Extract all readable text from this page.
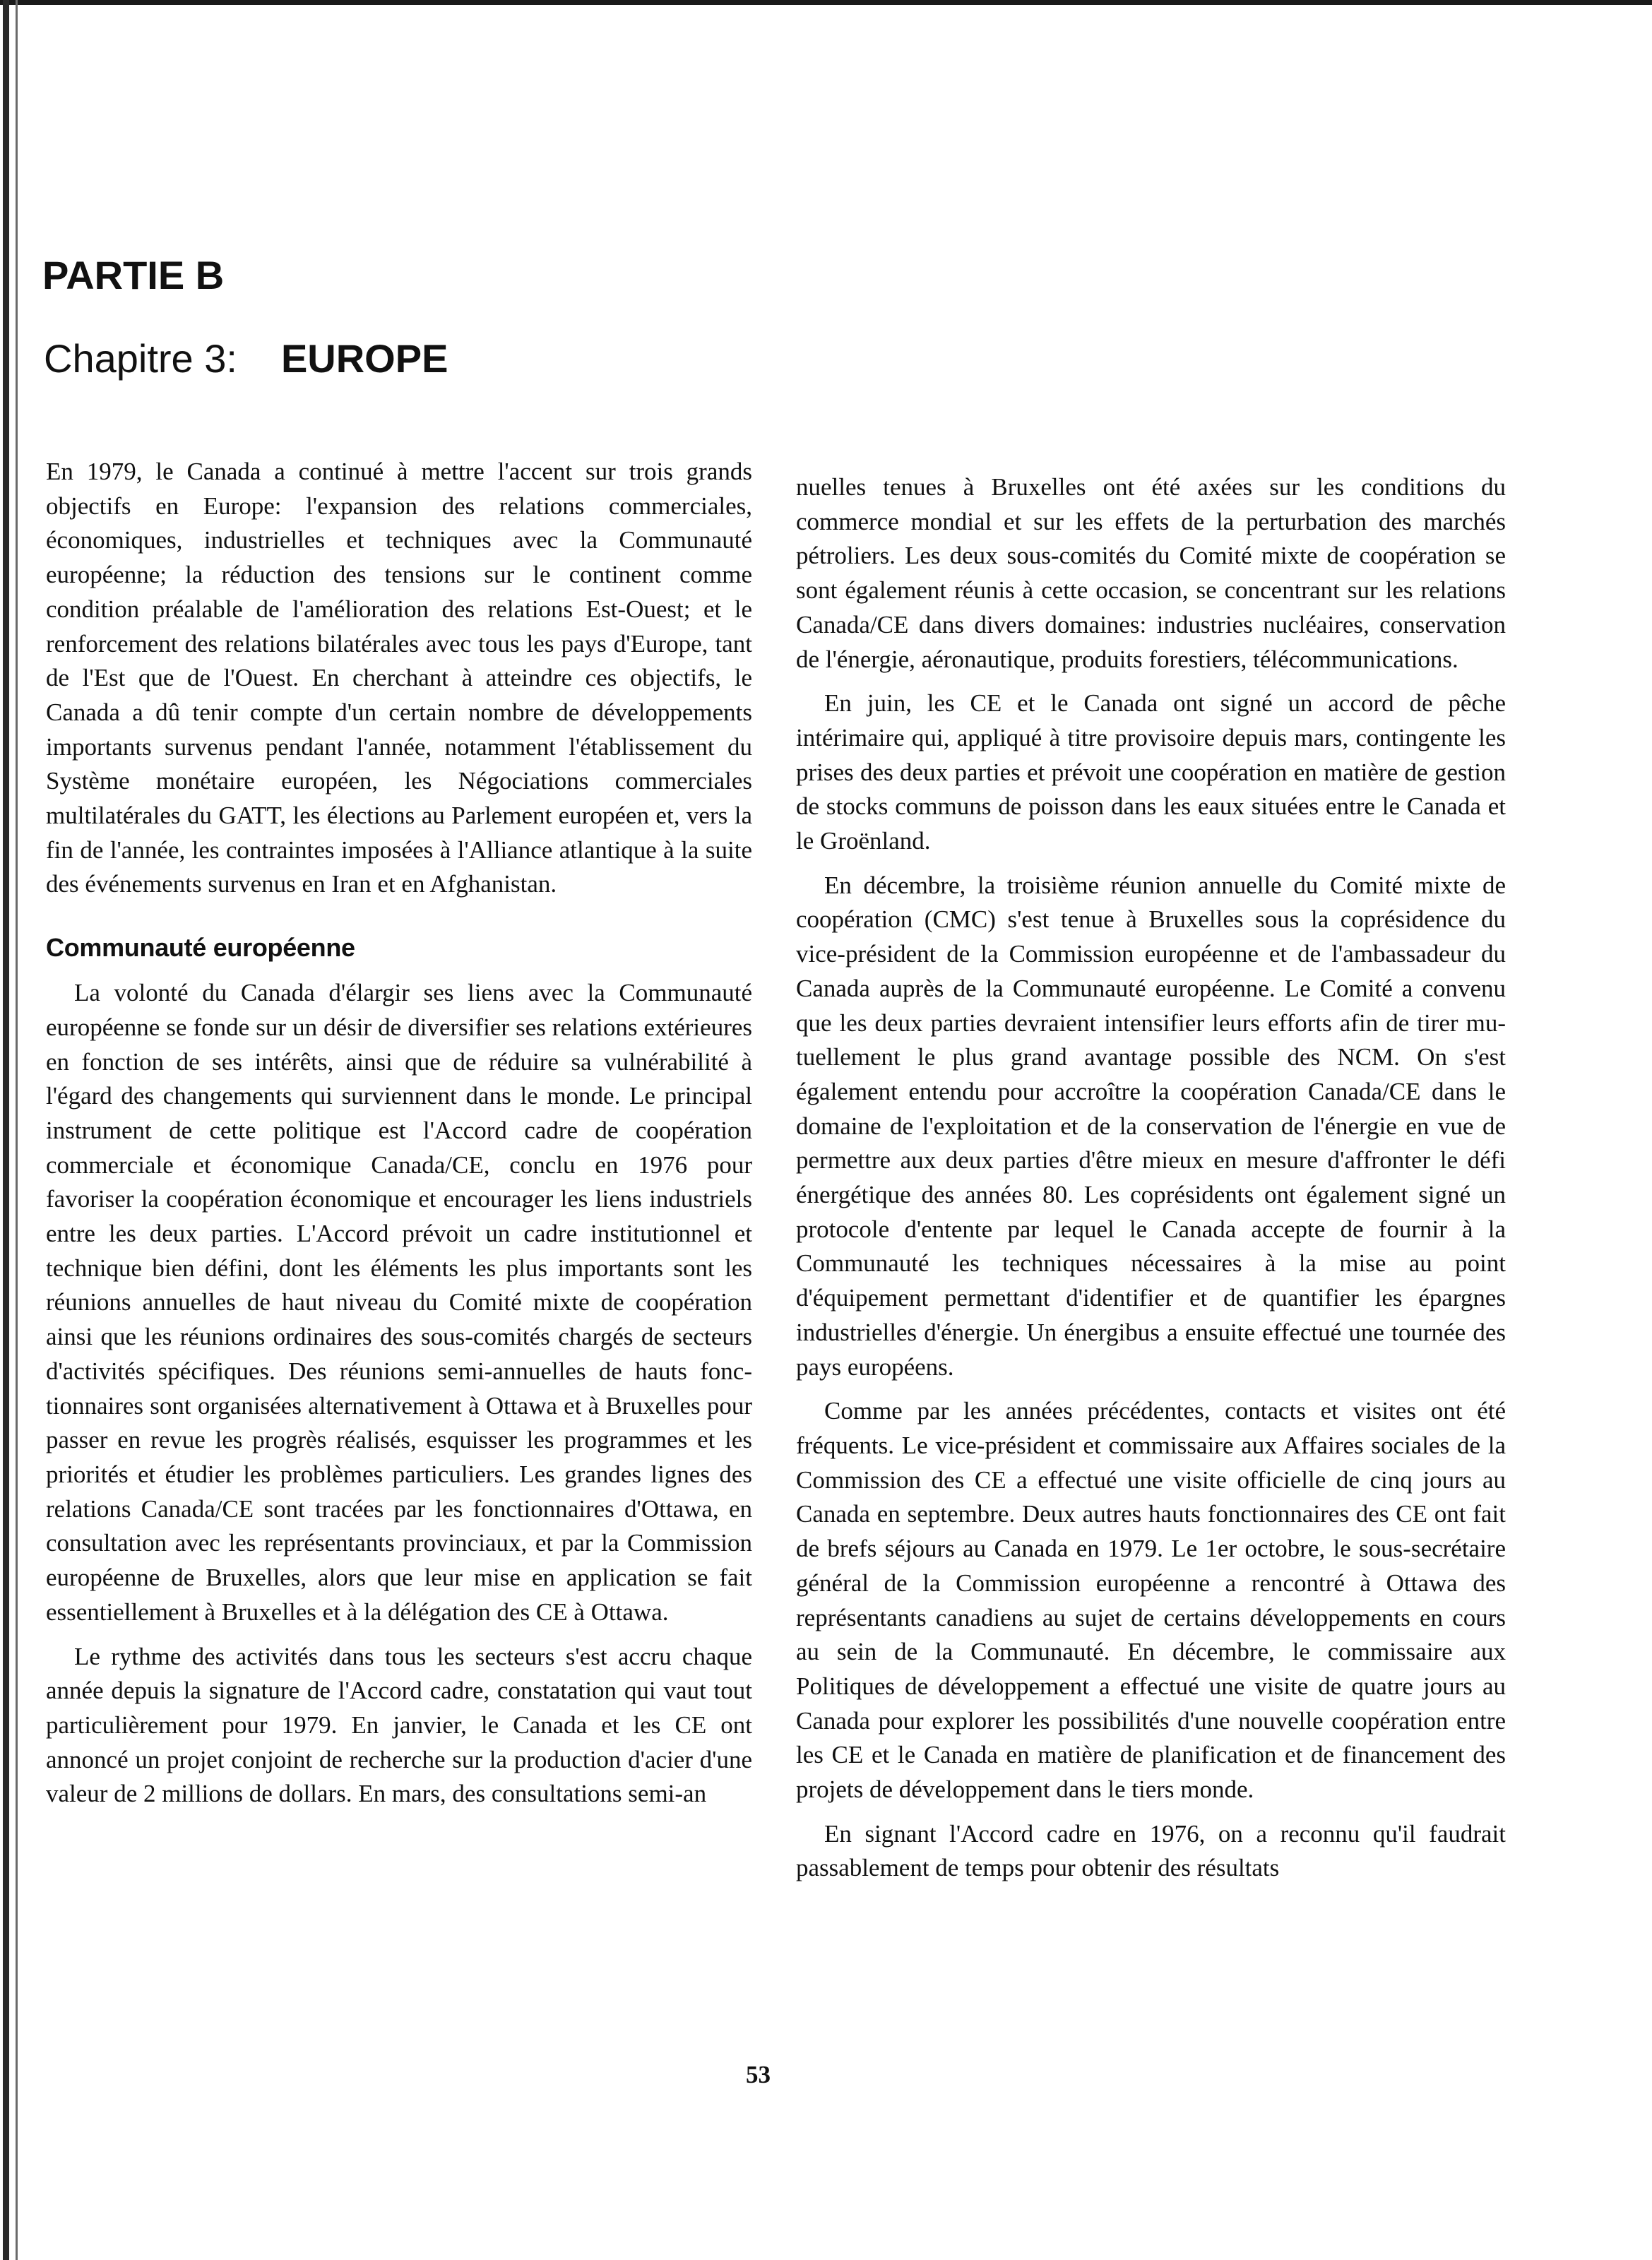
PARTIE B
Chapitre 3: EUROPE

En 1979, le Canada a continué à mettre l'accent sur trois grands objectifs en Europe: l'expansion des relations commerciales, économiques, industrielles et techniques avec la Communauté européenne; la réduction des tensions sur le continent comme condition préalable de l'amélioration des relations Est-Ouest; et le renforcement des relations bilatérales avec tous les pays d'Europe, tant de l'Est que de l'Ouest. En cherchant à atteindre ces objectifs, le Canada a dû tenir compte d'un certain nombre de développements importants survenus pendant l'année, notamment l'établissement du Système monétaire européen, les Négociations commerciales multilatérales du GATT, les élections au Parlement européen et, vers la fin de l'année, les contraintes imposées à l'Alliance atlantique à la suite des événements survenus en Iran et en Afghanistan.

Communauté européenne

La volonté du Canada d'élargir ses liens avec la Communauté européenne se fonde sur un désir de diversifier ses relations extérieures en fonction de ses intérêts, ainsi que de réduire sa vulnérabilité à l'égard des changements qui surviennent dans le monde. Le principal instrument de cette politique est l'Accord cadre de coopération commerciale et économique Canada/CE, conclu en 1976 pour favoriser la coopération économique et encourager les liens industriels entre les deux parties. L'Accord prévoit un cadre institutionnel et technique bien défini, dont les éléments les plus importants sont les réunions annuelles de haut niveau du Comité mixte de coopération ainsi que les réunions ordinaires des sous-comités chargés de secteurs d'activités spécifiques. Des réunions semi-annuelles de hauts fonctionnaires sont organisées alternativement à Ottawa et à Bruxelles pour passer en revue les progrès réalisés, esquisser les programmes et les priorités et étudier les problèmes particuliers. Les grandes lignes des relations Canada/CE sont tracées par les fonctionnaires d'Ottawa, en consultation avec les représentants provinciaux, et par la Commission européenne de Bruxelles, alors que leur mise en application se fait essentiellement à Bruxelles et à la délégation des CE à Ottawa.

Le rythme des activités dans tous les secteurs s'est accru chaque année depuis la signature de l'Accord cadre, constatation qui vaut tout particulièrement pour 1979. En janvier, le Canada et les CE ont annoncé un projet conjoint de recherche sur la production d'acier d'une valeur de 2 millions de dollars. En mars, des consultations semi-an

nuelles tenues à Bruxelles ont été axées sur les conditions du commerce mondial et sur les effets de la perturbation des marchés pétroliers. Les deux sous-comités du Comité mixte de coopération se sont également réunis à cette occasion, se concentrant sur les relations Canada/CE dans divers domaines: industries nucléaires, conservation de l'énergie, aéronautique, produits forestiers, télécommunications.

En juin, les CE et le Canada ont signé un accord de pêche intérimaire qui, appliqué à titre provisoire depuis mars, contingente les prises des deux parties et prévoit une coopération en matière de gestion de stocks communs de poisson dans les eaux situées entre le Canada et le Groënland.

En décembre, la troisième réunion annuelle du Comité mixte de coopération (CMC) s'est tenue à Bruxelles sous la coprésidence du vice-président de la Commission européenne et de l'ambassadeur du Canada auprès de la Communauté européenne. Le Comité a convenu que les deux parties devraient intensifier leurs efforts afin de tirer mutuellement le plus grand avantage possible des NCM. On s'est également entendu pour accroître la coopération Canada/CE dans le domaine de l'exploitation et de la conservation de l'énergie en vue de permettre aux deux parties d'être mieux en mesure d'affronter le défi énergétique des années 80. Les coprésidents ont également signé un protocole d'entente par lequel le Canada accepte de fournir à la Communauté les techniques nécessaires à la mise au point d'équipement permettant d'identifier et de quantifier les épargnes industrielles d'énergie. Un énergibus a ensuite effectué une tournée des pays européens.

Comme par les années précédentes, contacts et visites ont été fréquents. Le vice-président et commissaire aux Affaires sociales de la Commission des CE a effectué une visite officielle de cinq jours au Canada en septembre. Deux autres hauts fonctionnaires des CE ont fait de brefs séjours au Canada en 1979. Le 1er octobre, le sous-secrétaire général de la Commission européenne a rencontré à Ottawa des représentants canadiens au sujet de certains développements en cours au sein de la Communauté. En décembre, le commissaire aux Politiques de développement a effectué une visite de quatre jours au Canada pour explorer les possibilités d'une nouvelle coopération entre les CE et le Canada en matière de planification et de financement des projets de développement dans le tiers monde.

En signant l'Accord cadre en 1976, on a reconnu qu'il faudrait passablement de temps pour obtenir des résultats

53
